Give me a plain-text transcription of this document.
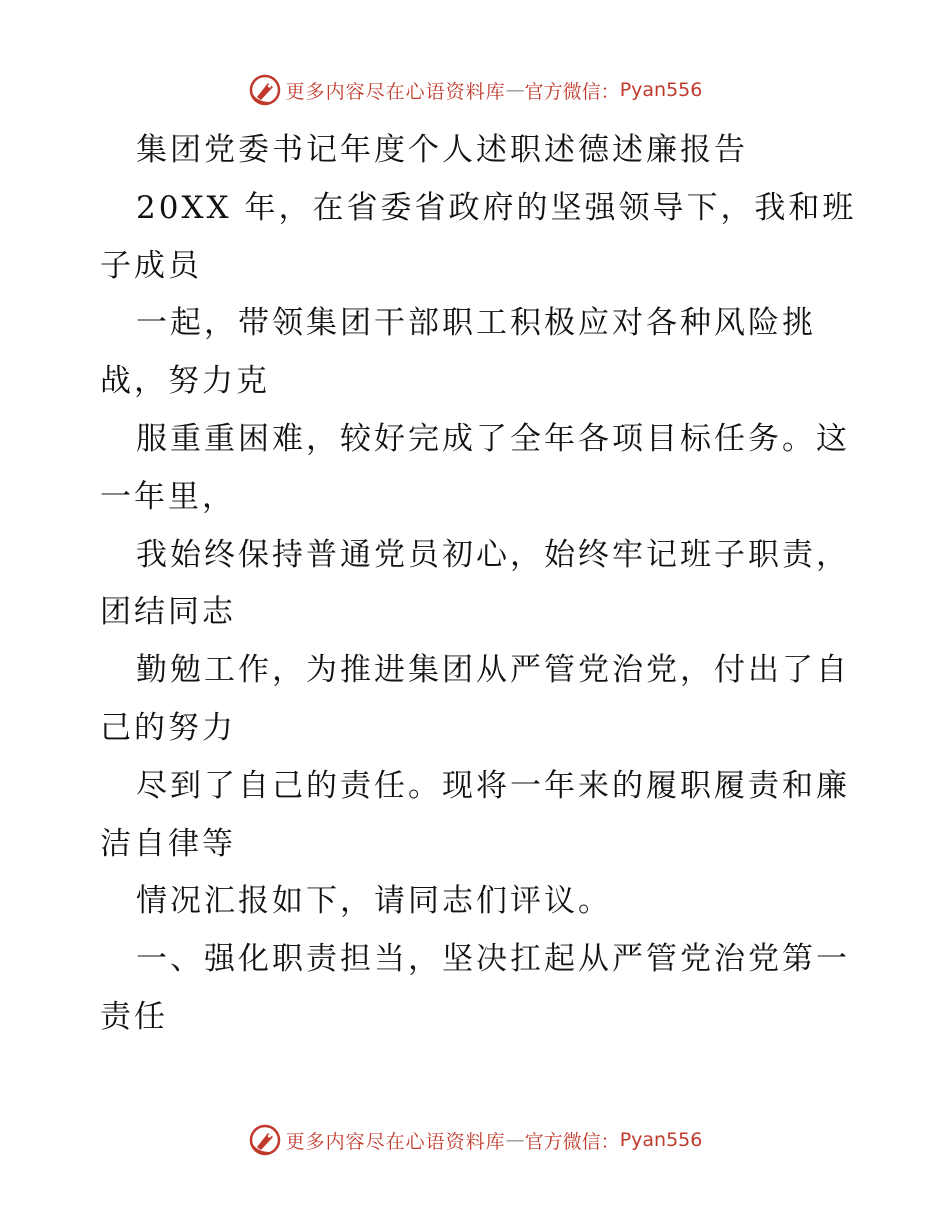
更多内容尽在心语资料库 — 官方微信： Pyan556
集团党委书记年度个人述职述德述廉报告
20XX 年，在省委省政府的坚强领导下，我和班
子成员
一起，带领集团干部职工积极应对各种风险挑
战，努力克
服重重困难，较好完成了全年各项目标任务。这
一年里，
我始终保持普通党员初心，始终牢记班子职责，
团结同志
勤勉工作，为推进集团从严管党治党，付出了自
己的努力
尽到了自己的责任。现将一年来的履职履责和廉
洁自律等
情况汇报如下，请同志们评议。
一、强化职责担当，坚决扛起从严管党治党第一
责任
更多内容尽在心语资料库 — 官方微信： Pyan556
